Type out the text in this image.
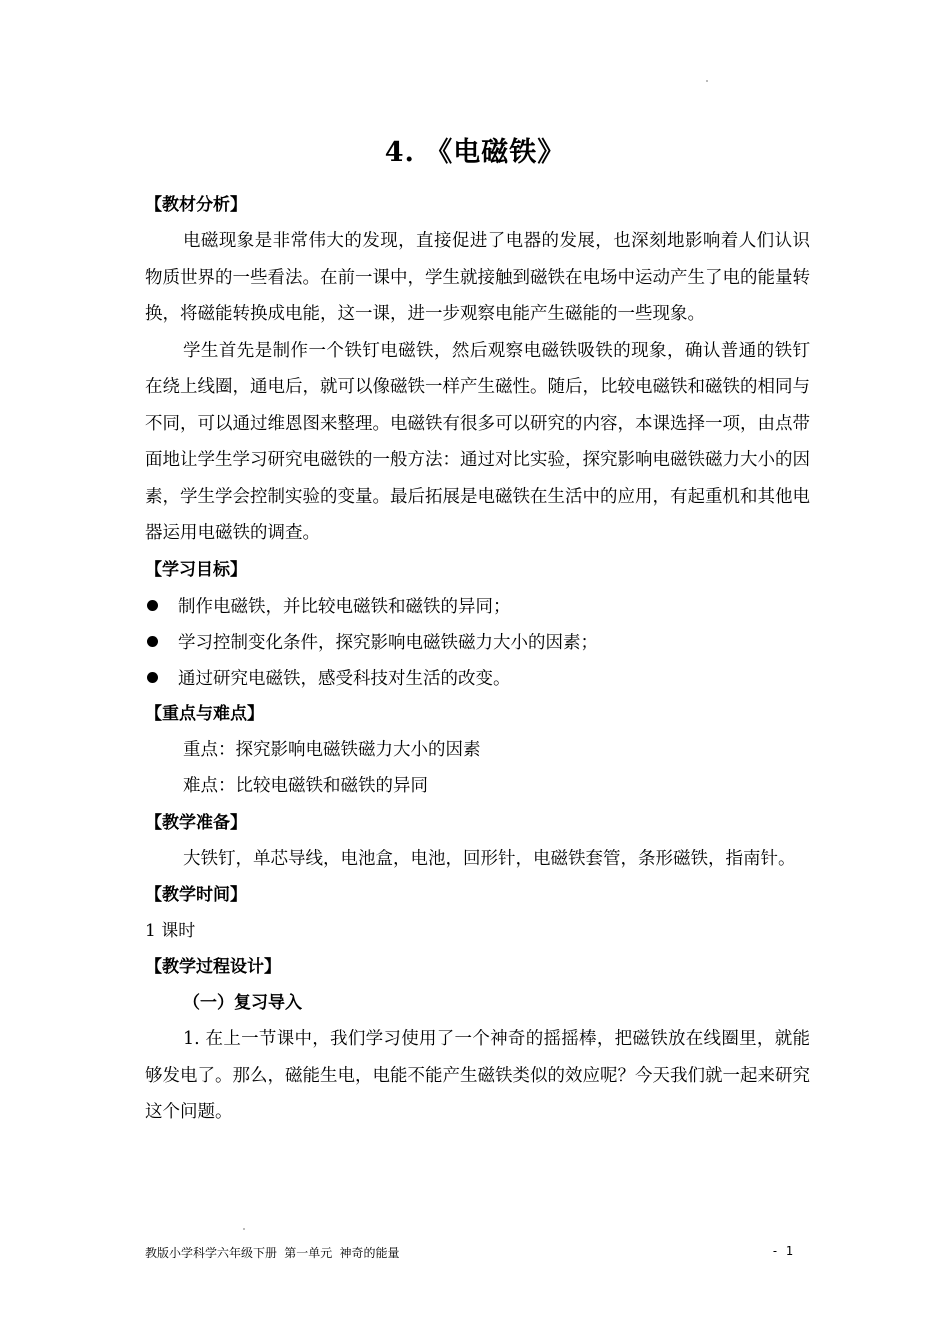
4. 《电磁铁》
【教材分析】

电磁现象是非常伟大的发现，直接促进了电器的发展，也深刻地影响着人们认识物质世界的一些看法。在前一课中，学生就接触到磁铁在电场中运动产生了电的能量转换，将磁能转换成电能，这一课，进一步观察电能产生磁能的一些现象。

学生首先是制作一个铁钉电磁铁，然后观察电磁铁吸铁的现象，确认普通的铁钉在绕上线圈，通电后，就可以像磁铁一样产生磁性。随后，比较电磁铁和磁铁的相同与不同，可以通过维恩图来整理。电磁铁有很多可以研究的内容，本课选择一项，由点带面地让学生学习研究电磁铁的一般方法：通过对比实验，探究影响电磁铁磁力大小的因素，学生学会控制实验的变量。最后拓展是电磁铁在生活中的应用，有起重机和其他电器运用电磁铁的调查。

【学习目标】
制作电磁铁，并比较电磁铁和磁铁的异同；
学习控制变化条件，探究影响电磁铁磁力大小的因素；
通过研究电磁铁，感受科技对生活的改变。
【重点与难点】
重点：探究影响电磁铁磁力大小的因素
难点：比较电磁铁和磁铁的异同
【教学准备】

大铁钉，单芯导线，电池盒，电池，回形针，电磁铁套管，条形磁铁，指南针。

【教学时间】
1 课时
【教学过程设计】
（一）复习导入

1. 在上一节课中，我们学习使用了一个神奇的摇摇棒，把磁铁放在线圈里，就能够发电了。那么，磁能生电，电能不能产生磁铁类似的效应呢？今天我们就一起来研究这个问题。

教版小学科学六年级下册 第一单元 神奇的能量	- 1
